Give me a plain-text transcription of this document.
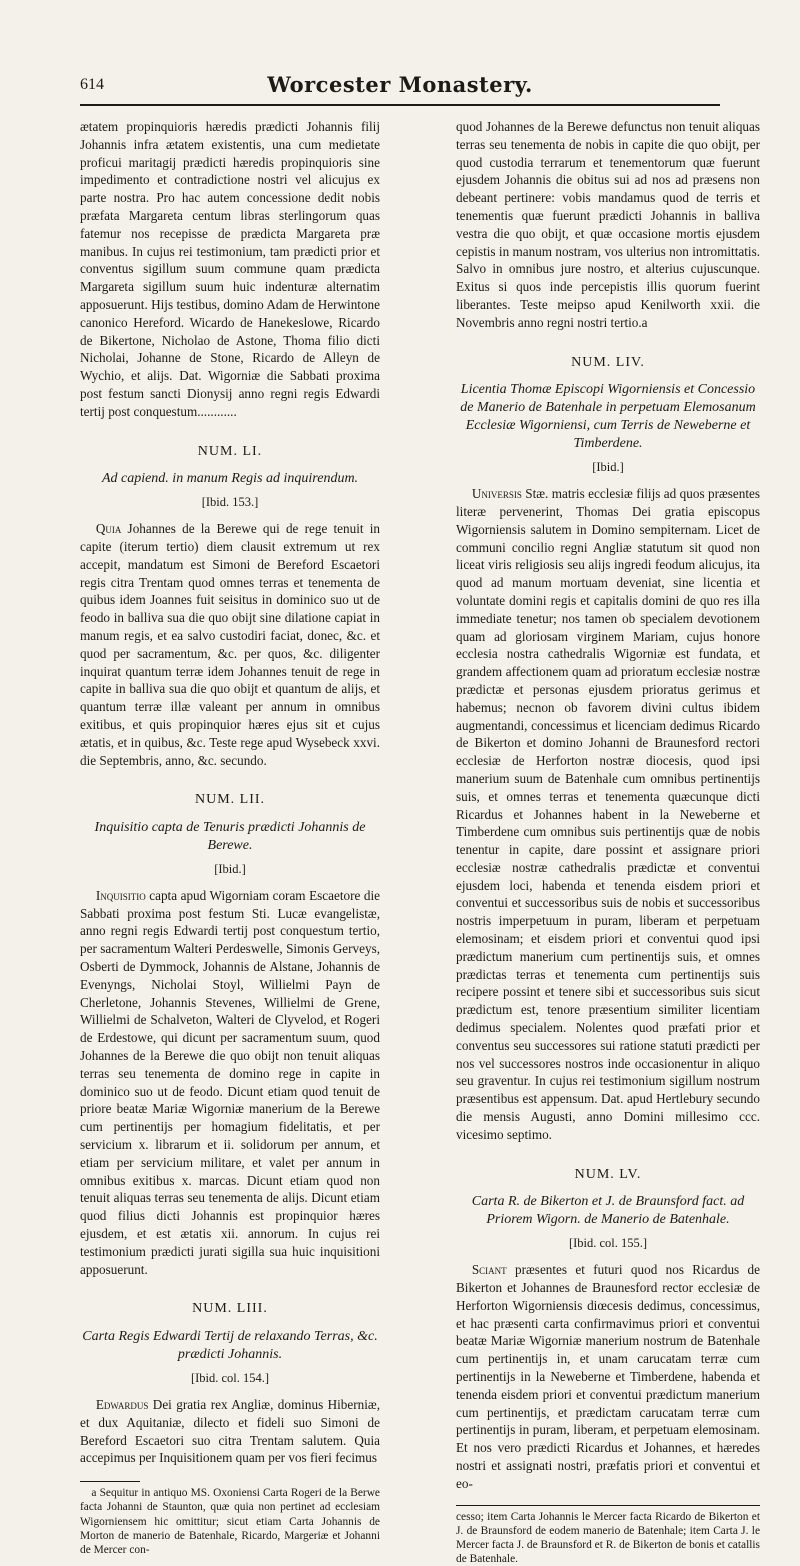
614	Worcester Monastery.

ætatem propinquioris hæredis prædicti Johannis filij Johannis infra ætatem existentis, una cum medietate proficui maritagij prædicti hæredis propinquioris sine impedimento et contradictione nostri vel alicujus ex parte nostra. Pro hac autem concessione dedit nobis præfata Margareta centum libras sterlingorum quas fatemur nos recepisse de prædicta Margareta præ manibus. In cujus rei testimonium, tam prædicti prior et conventus sigillum suum commune quam prædicta Margareta sigillum suum huic indenturæ alternatim apposuerunt. Hijs testibus, domino Adam de Herwintone canonico Hereford. Wicardo de Hanekeslowe, Ricardo de Bikertone, Nicholao de Astone, Thoma filio dicti Nicholai, Johanne de Stone, Ricardo de Alleyn de Wychio, et alijs. Dat. Wigorniæ die Sabbati proxima post festum sancti Dionysij anno regni regis Edwardi tertij post conquestum............

NUM. LI.
Ad capiend. in manum Regis ad inquirendum.
[Ibid. 153.]

Quia Johannes de la Berewe qui de rege tenuit in capite (iterum tertio) diem clausit extremum ut rex accepit, mandatum est Simoni de Bereford Escaetori regis citra Trentam quod omnes terras et tenementa de quibus idem Joannes fuit seisitus in dominico suo ut de feodo in balliva sua die quo obijt sine dilatione capiat in manum regis, et ea salvo custodiri faciat, donec, &c. et quod per sacramentum, &c. per quos, &c. diligenter inquirat quantum terræ idem Johannes tenuit de rege in capite in balliva sua die quo obijt et quantum de alijs, et quantum terræ illæ valeant per annum in omnibus exitibus, et quis propinquior hæres ejus sit et cujus ætatis, et in quibus, &c. Teste rege apud Wysebeck xxvi. die Septembris, anno, &c. secundo.

NUM. LII.
Inquisitio capta de Tenuris prædicti Johannis de Berewe.
[Ibid.]

Inquisitio capta apud Wigorniam coram Escaetore die Sabbati proxima post festum Sti. Lucæ evangelistæ, anno regni regis Edwardi tertij post conquestum tertio, per sacramentum Walteri Perdeswelle, Simonis Gerveys, Osberti de Dymmock, Johannis de Alstane, Johannis de Evenyngs, Nicholai Stoyl, Willielmi Payn de Cherletone, Johannis Stevenes, Willielmi de Grene, Willielmi de Schalveton, Walteri de Clyvelod, et Rogeri de Erdestowe, qui dicunt per sacramentum suum, quod Johannes de la Berewe die quo obijt non tenuit aliquas terras seu tenementa de domino rege in capite in dominico suo ut de feodo. Dicunt etiam quod tenuit de priore beatæ Mariæ Wigorniæ manerium de la Berewe cum pertinentijs per homagium fidelitatis, et per servicium x. librarum et ii. solidorum per annum, et etiam per servicium militare, et valet per annum in omnibus exitibus x. marcas. Dicunt etiam quod non tenuit aliquas terras seu tenementa de alijs. Dicunt etiam quod filius dicti Johannis est propinquior hæres ejusdem, et est ætatis xii. annorum. In cujus rei testimonium prædicti jurati sigilla sua huic inquisitioni apposuerunt.

NUM. LIII.
Carta Regis Edwardi Tertij de relaxando Terras, &c. prædicti Johannis.
[Ibid. col. 154.]

Edwardus Dei gratia rex Angliæ, dominus Hiberniæ, et dux Aquitaniæ, dilecto et fideli suo Simoni de Bereford Escaetori suo citra Trentam salutem. Quia accepimus per Inquisitionem quam per vos fieri fecimus

a Sequitur in antiquo MS. Oxoniensi Carta Rogeri de la Berwe facta Johanni de Staunton, quæ quia non pertinet ad ecclesiam Wigorniensem hic omittitur; sicut etiam Carta Johannis de Morton de manerio de Batenhale, Ricardo, Margeriæ et Johanni de Mercer con-

quod Johannes de la Berewe defunctus non tenuit aliquas terras seu tenementa de nobis in capite die quo obijt, per quod custodia terrarum et tenementorum quæ fuerunt ejusdem Johannis die obitus sui ad nos ad præsens non debeant pertinere: vobis mandamus quod de terris et tenementis quæ fuerunt prædicti Johannis in balliva vestra die quo obijt, et quæ occasione mortis ejusdem cepistis in manum nostram, vos ulterius non intromittatis. Salvo in omnibus jure nostro, et alterius cujuscunque. Exitus si quos inde percepistis illis quorum fuerint liberantes. Teste meipso apud Kenilworth xxii. die Novembris anno regni nostri tertio.a

NUM. LIV.
Licentia Thomæ Episcopi Wigorniensis et Concessio de Manerio de Batenhale in perpetuam Elemosanum Ecclesiæ Wigorniensi, cum Terris de Neweberne et Timberdene.
[Ibid.]

Universis Stæ. matris ecclesiæ filijs ad quos præsentes literæ pervenerint, Thomas Dei gratia episcopus Wigorniensis salutem in Domino sempiternam. Licet de communi concilio regni Angliæ statutum sit quod non liceat viris religiosis seu alijs ingredi feodum alicujus, ita quod ad manum mortuam deveniat, sine licentia et voluntate domini regis et capitalis domini de quo res illa immediate tenetur; nos tamen ob specialem devotionem quam ad gloriosam virginem Mariam, cujus honore ecclesia nostra cathedralis Wigorniæ est fundata, et grandem affectionem quam ad prioratum ecclesiæ nostræ prædictæ et personas ejusdem prioratus gerimus et habemus; necnon ob favorem divini cultus ibidem augmentandi, concessimus et licenciam dedimus Ricardo de Bikerton et domino Johanni de Braunesford rectori ecclesiæ de Herforton nostræ diocesis, quod ipsi manerium suum de Batenhale cum omnibus pertinentijs suis, et omnes terras et tenementa quæcunque dicti Ricardus et Johannes habent in la Neweberne et Timberdene cum omnibus suis pertinentijs quæ de nobis tenentur in capite, dare possint et assignare priori ecclesiæ nostræ cathedralis prædictæ et conventui ejusdem loci, habenda et tenenda eisdem priori et conventui et successoribus suis de nobis et successoribus nostris imperpetuum in puram, liberam et perpetuam elemosinam; et eisdem priori et conventui quod ipsi prædictum manerium cum pertinentijs suis, et omnes prædictas terras et tenementa cum pertinentijs suis recipere possint et tenere sibi et successoribus suis sicut prædictum est, tenore præsentium similiter licentiam dedimus specialem. Nolentes quod præfati prior et conventus seu successores sui ratione statuti prædicti per nos vel successores nostros inde occasionentur in aliquo seu graventur. In cujus rei testimonium sigillum nostrum præsentibus est appensum. Dat. apud Hertlebury secundo die mensis Augusti, anno Domini millesimo ccc. vicesimo septimo.

NUM. LV.
Carta R. de Bikerton et J. de Braunsford fact. ad Priorem Wigorn. de Manerio de Batenhale.
[Ibid. col. 155.]

Sciant præsentes et futuri quod nos Ricardus de Bikerton et Johannes de Braunesford rector ecclesiæ de Herforton Wigorniensis diœcesis dedimus, concessimus, et hac præsenti carta confirmavimus priori et conventui beatæ Mariæ Wigorniæ manerium nostrum de Batenhale cum pertinentijs in, et unam carucatam terræ cum pertinentijs in la Neweberne et Timberdene, habenda et tenenda eisdem priori et conventui prædictum manerium cum pertinentijs, et prædictam carucatam terræ cum pertinentijs in puram, liberam, et perpetuam elemosinam. Et nos vero prædicti Ricardus et Johannes, et hæredes nostri et assignati nostri, præfatis priori et conventui et eo-

cesso; item Carta Johannis le Mercer facta Ricardo de Bikerton et J. de Braunsford de eodem manerio de Batenhale; item Carta J. le Mercer facta J. de Braunsford et R. de Bikerton de bonis et catallis de Batenhale.
